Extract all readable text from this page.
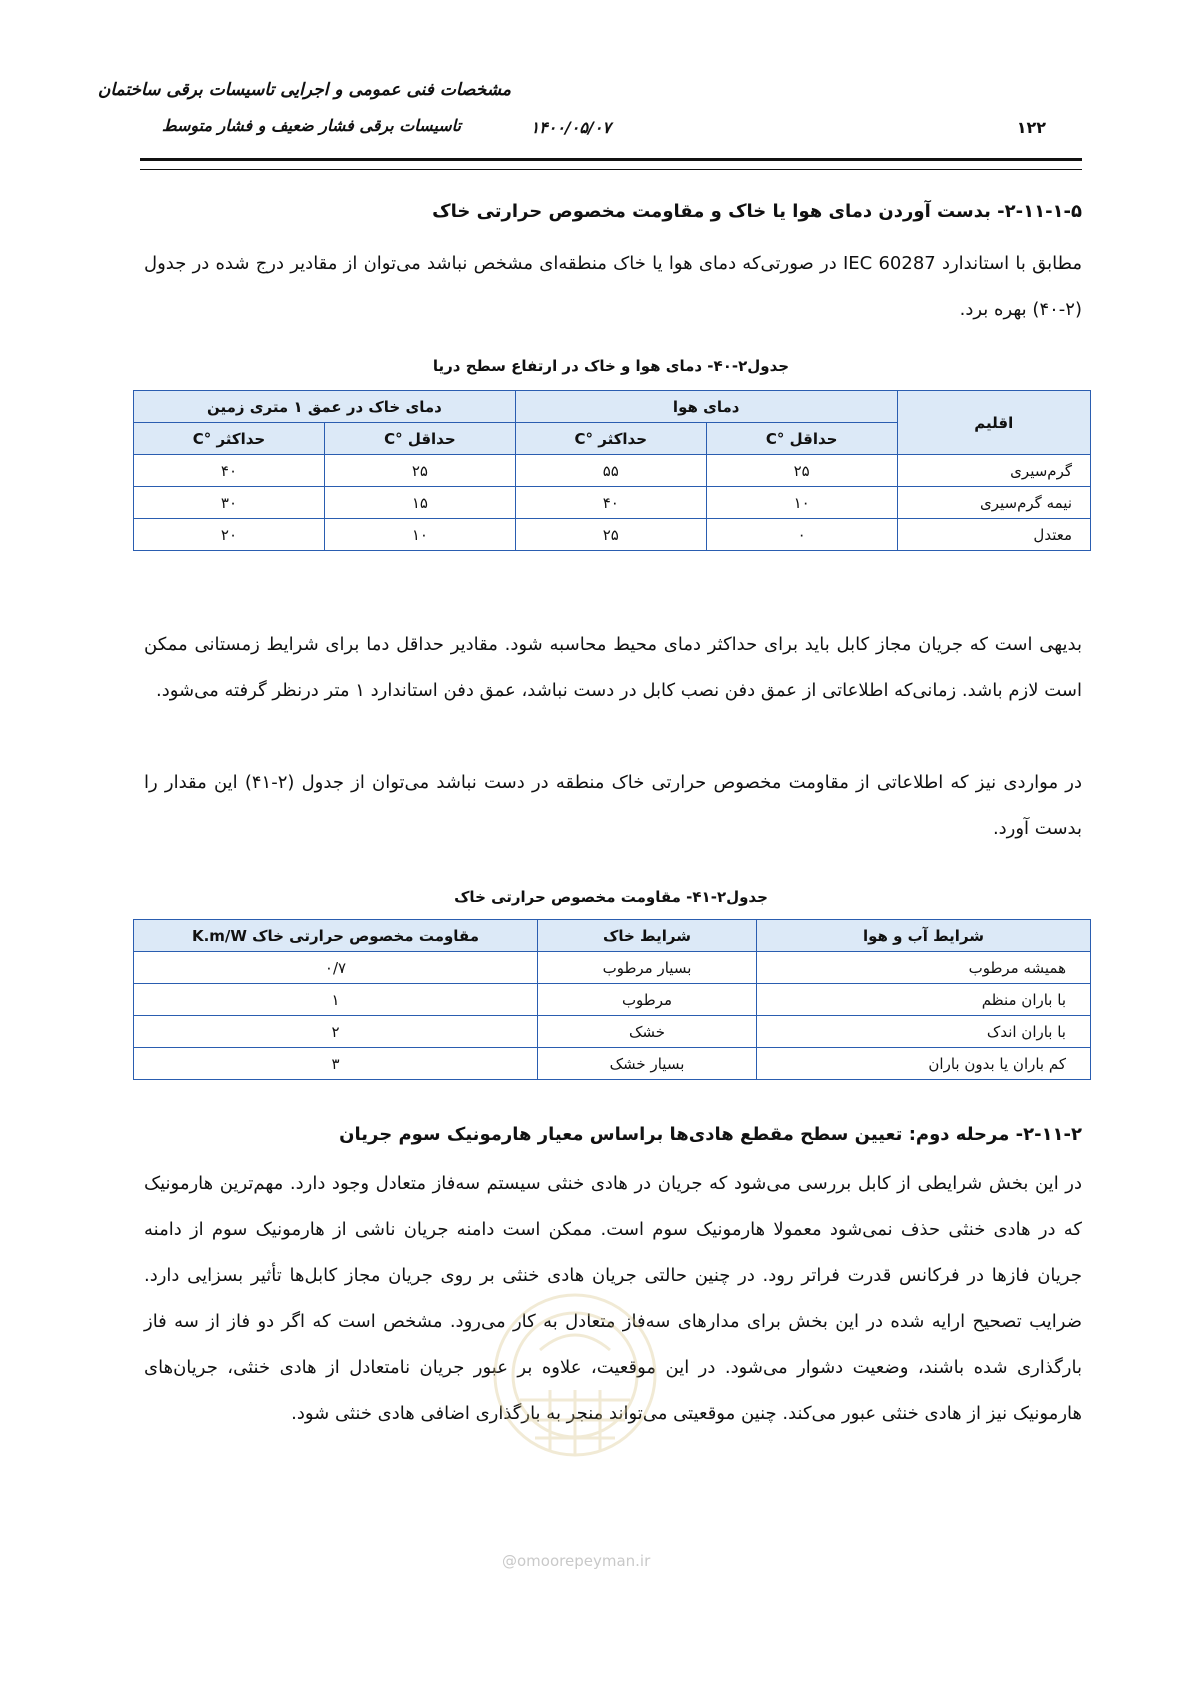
مشخصات فنی عمومی و اجرایی تاسیسات برقی ساختمان
تاسیسات برقی فشار ضعیف و فشار متوسط	۱۴۰۰/۰۵/۰۷	۱۲۲
۲-۱۱-۱-۵- بدست آوردن دمای هوا یا خاک و مقاومت مخصوص حرارتی خاک
مطابق با استاندارد IEC 60287 در صورتی‌که دمای هوا یا خاک منطقه‌ای مشخص نباشد می‌توان از مقادیر درج شده در جدول (۲-۴۰) بهره برد.
جدول۲-۴۰- دمای هوا و خاک در ارتفاع سطح دریا
اقلیم	دمای هوا		دمای خاک در عمق ۱ متری زمین	
	حداقل °C	حداکثر °C	حداقل °C	حداکثر °C
گرم‌سیری	۲۵	۵۵	۲۵	۴۰
نیمه گرم‌سیری	۱۰	۴۰	۱۵	۳۰
معتدل	۰	۲۵	۱۰	۲۰
بدیهی است که جریان مجاز کابل باید برای حداکثر دمای محیط محاسبه شود. مقادیر حداقل دما برای شرایط زمستانی ممکن است لازم باشد. زمانی‌که اطلاعاتی از عمق دفن نصب کابل در دست نباشد، عمق دفن استاندارد ۱ متر درنظر گرفته می‌شود.
در مواردی نیز که اطلاعاتی از مقاومت مخصوص حرارتی خاک منطقه در دست نباشد می‌توان از جدول (۲-۴۱) این مقدار را بدست آورد.
جدول۲-۴۱- مقاومت مخصوص حرارتی خاک
شرایط آب و هوا	شرایط خاک	مقاومت مخصوص حرارتی خاک K.m/W
همیشه مرطوب	بسیار مرطوب	۰/۷
با باران منظم	مرطوب	۱
با باران اندک	خشک	۲
کم باران یا بدون باران	بسیار خشک	۳
۲-۱۱-۲- مرحله دوم: تعیین سطح مقطع هادی‌ها براساس معیار هارمونیک سوم جریان
در این بخش شرایطی از کابل بررسی می‌شود که جریان در هادی خنثی سیستم سه‌فاز متعادل وجود دارد. مهم‌ترین هارمونیک که در هادی خنثی حذف نمی‌شود معمولا هارمونیک سوم است. ممکن است دامنه جریان ناشی از هارمونیک سوم از دامنه جریان فازها در فرکانس قدرت فراتر رود. در چنین حالتی جریان هادی خنثی بر روی جریان مجاز کابل‌ها تأثیر بسزایی دارد. ضرایب تصحیح ارایه شده در این بخش برای مدارهای سه‌فاز متعادل به کار می‌رود. مشخص است که اگر دو فاز از سه فاز بارگذاری شده باشند، وضعیت دشوار می‌شود. در این موقعیت، علاوه بر عبور جریان نامتعادل از هادی خنثی، جریان‌های هارمونیک نیز از هادی خنثی عبور می‌کند. چنین موقعیتی می‌تواند منجر به بارگذاری اضافی هادی خنثی شود.
@omoorepeyman.ir
